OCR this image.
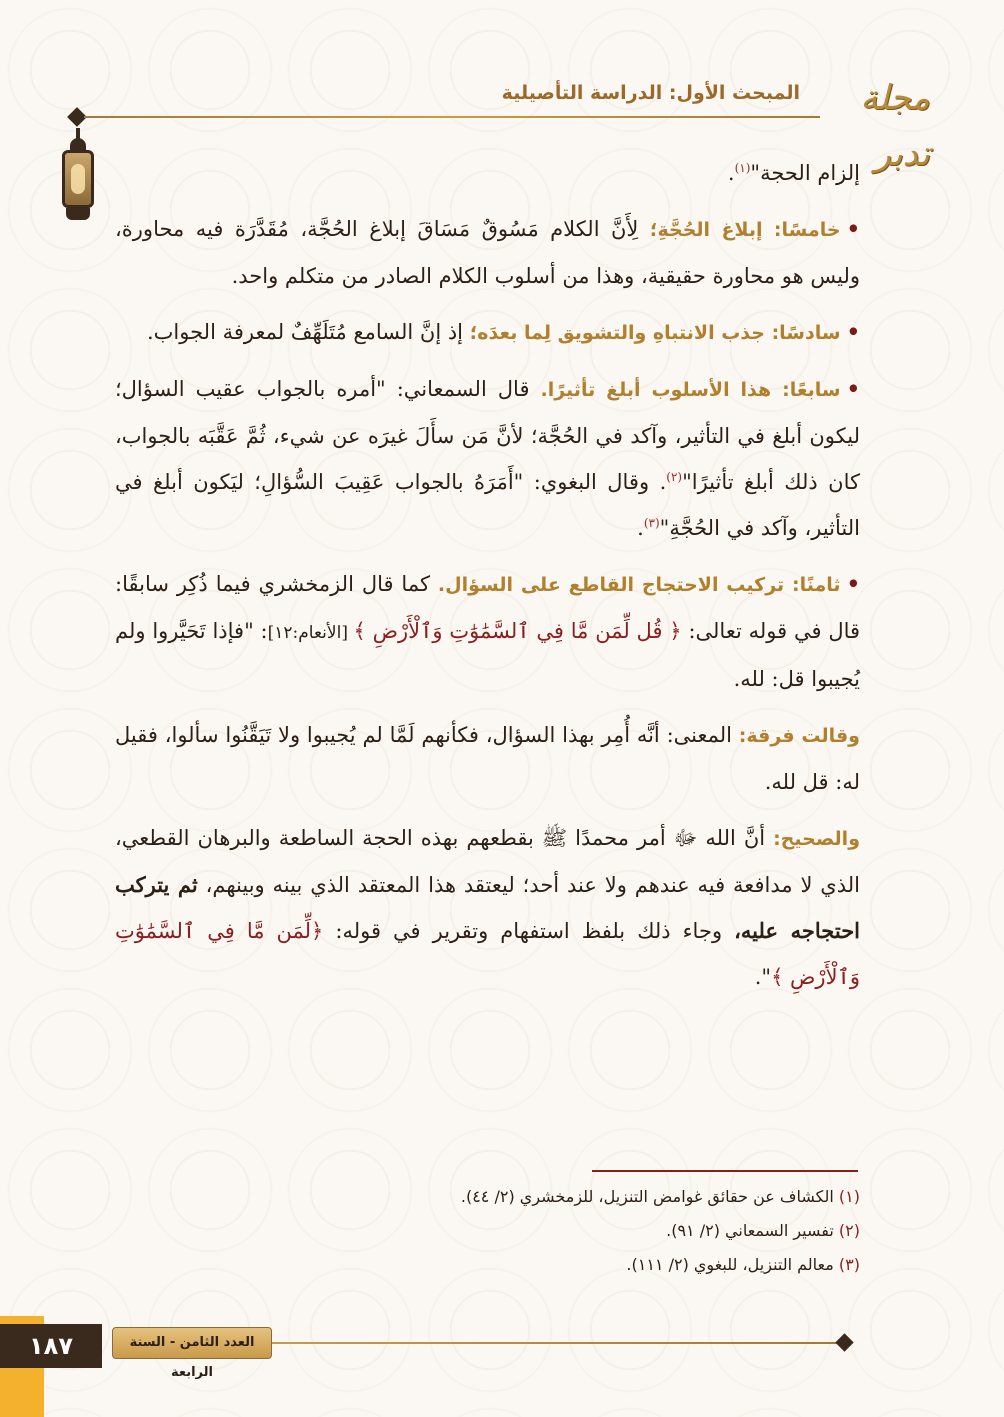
المبحث الأول: الدراسة التأصيلية	مجلة تدبر

إلزام الحجة"$^{(١)}$.

•خامسًا: إبلاغ الحُجَّةِ؛ لِأَنَّ الكلام مَسُوقٌ مَسَاقَ إبلاغ الحُجَّة، مُقَدَّرَة فيه محاورة، وليس هو محاورة حقيقية، وهذا من أسلوب الكلام الصادر من متكلم واحد.

•سادسًا: جذب الانتباهِ والتشويق لِما بعدَه؛ إذ إنَّ السامع مُتَلَهِّفٌ لمعرفة الجواب.

•سابعًا: هذا الأسلوب أبلغ تأثيرًا. قال السمعاني: "أمره بالجواب عقيب السؤال؛ ليكون أبلغ في التأثير، وآكد في الحُجَّة؛ لأنَّ مَن سأَلَ غيرَه عن شيء، ثُمَّ عَقَّبَه بالجواب، كان ذلك أبلغ تأثيرًا"$^{(٢)}$. وقال البغوي: "أَمَرَهُ بالجواب عَقِيبَ السُّؤالِ؛ ليَكون أبلغ في التأثير، وآكد في الحُجَّةِ"$^{(٣)}$.

•ثامنًا: تركيب الاحتجاج القاطع على السؤال. كما قال الزمخشري فيما ذُكِر سابقًا: قال في قوله تعالى: ﴿ قُل لِّمَن مَّا فِي ٱلسَّمَٰوَٰتِ وَٱلْأَرْضِ ﴾ [الأنعام:١٢]: "فإذا تَحَيَّروا ولم يُجيبوا قل: لله.

وقالت فرقة: المعنى: أنَّه أُمِر بهذا السؤال، فكأنهم لَمَّا لم يُجيبوا ولا تَيَقَّنُوا سألوا، فقيل له: قل لله.

والصحيح: أنَّ الله ﷻ أمر محمدًا ﷺ بقطعهم بهذه الحجة الساطعة والبرهان القطعي، الذي لا مدافعة فيه عندهم ولا عند أحد؛ ليعتقد هذا المعتقد الذي بينه وبينهم، ثم يتركب احتجاجه عليه، وجاء ذلك بلفظ استفهام وتقرير في قوله: ﴿لِّمَن مَّا فِي ٱلسَّمَٰوَٰتِ وَٱلْأَرْضِ ﴾".

(١) الكشاف عن حقائق غوامض التنزيل، للزمخشري (٢/ ٤٤).
(٢) تفسير السمعاني (٢/ ٩١).
(٣) معالم التنزيل، للبغوي (٢/ ١١١).
١٨٧	العدد الثامن - السنة الرابعة
